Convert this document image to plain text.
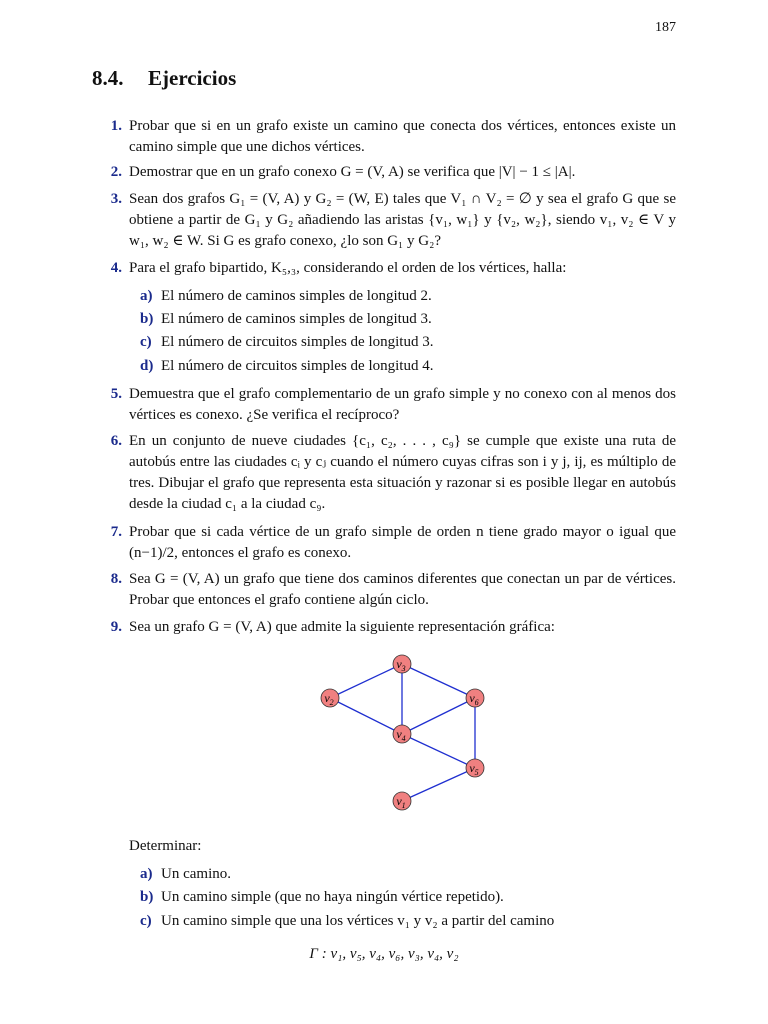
187
8.4. Ejercicios
1. Probar que si en un grafo existe un camino que conecta dos vértices, entonces existe un camino simple que une dichos vértices.
2. Demostrar que en un grafo conexo G = (V, A) se verifica que |V| − 1 ≤ |A|.
3. Sean dos grafos G₁ = (V, A) y G₂ = (W, E) tales que V₁ ∩ V₂ = ∅ y sea el grafo G que se obtiene a partir de G₁ y G₂ añadiendo las aristas {v₁, w₁} y {v₂, w₂}, siendo v₁, v₂ ∈ V y w₁, w₂ ∈ W. Si G es grafo conexo, ¿lo son G₁ y G₂?
4. Para el grafo bipartido, K₅,₃, considerando el orden de los vértices, halla:
a) El número de caminos simples de longitud 2.
b) El número de caminos simples de longitud 3.
c) El número de circuitos simples de longitud 3.
d) El número de circuitos simples de longitud 4.
5. Demuestra que el grafo complementario de un grafo simple y no conexo con al menos dos vértices es conexo. ¿Se verifica el recíproco?
6. En un conjunto de nueve ciudades {c₁, c₂, . . . , c₉} se cumple que existe una ruta de autobús entre las ciudades cᵢ y cⱼ cuando el número cuyas cifras son i y j, ij, es múltiplo de tres. Dibujar el grafo que representa esta situación y razonar si es posible llegar en autobús desde la ciudad c₁ a la ciudad c₉.
7. Probar que si cada vértice de un grafo simple de orden n tiene grado mayor o igual que (n−1)/2, entonces el grafo es conexo.
8. Sea G = (V, A) un grafo que tiene dos caminos diferentes que conectan un par de vértices. Probar que entonces el grafo contiene algún ciclo.
9. Sea un grafo G = (V, A) que admite la siguiente representación gráfica:
$v_3$
$v_2$	$v_6$
$v_4$
$v_5$
$v_1$
Determinar:
a) Un camino.
b) Un camino simple (que no haya ningún vértice repetido).
c) Un camino simple que una los vértices v₁ y v₂ a partir del camino
Γ : v₁, v₅, v₄, v₆, v₃, v₄, v₂
